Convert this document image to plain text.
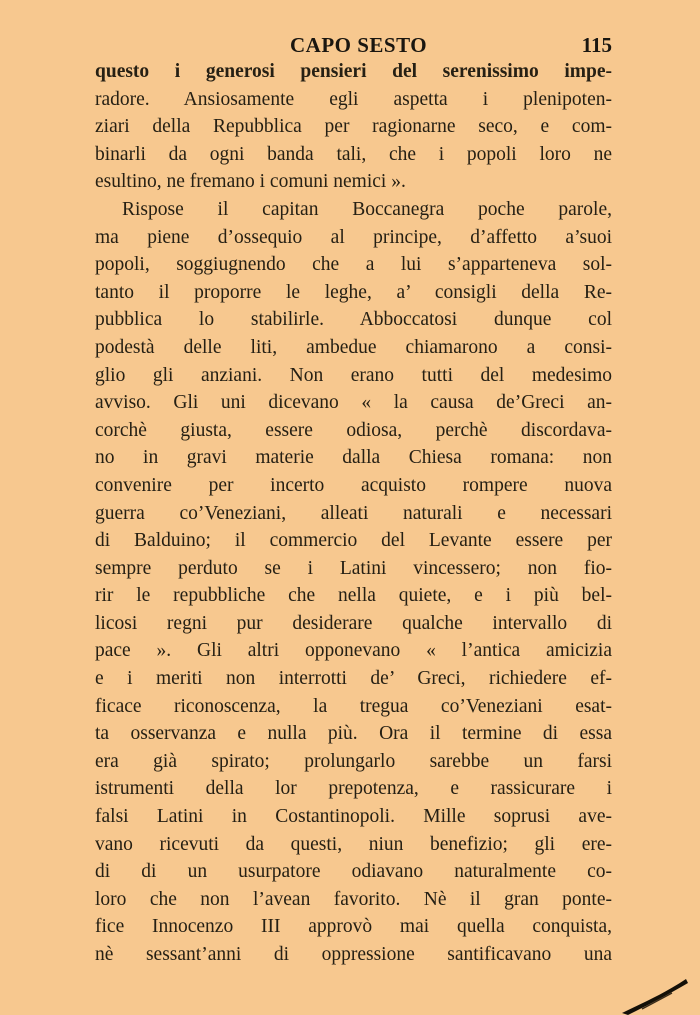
CAPO SESTO	115
questo i generosi pensieri del serenissimo impe-
radore. Ansiosamente egli aspetta i plenipoten-
ziari della Repubblica per ragionarne seco, e com-
binarli da ogni banda tali, che i popoli loro ne
esultino, ne fremano i comuni nemici ».
Rispose il capitan Boccanegra poche parole,
ma piene d’ossequio al principe, d’affetto a’suoi
popoli, soggiugnendo che a lui s’apparteneva sol-
tanto il proporre le leghe, a’ consigli della Re-
pubblica lo stabilirle. Abboccatosi dunque col
podestà delle liti, ambedue chiamarono a consi-
glio gli anziani. Non erano tutti del medesimo
avviso. Gli uni dicevano « la causa de’Greci an-
corchè giusta, essere odiosa, perchè discordava-
no in gravi materie dalla Chiesa romana: non
convenire per incerto acquisto rompere nuova
guerra co’Veneziani, alleati naturali e necessari
di Balduino; il commercio del Levante essere per
sempre perduto se i Latini vincessero; non fio-
rir le repubbliche che nella quiete, e i più bel-
licosi regni pur desiderare qualche intervallo di
pace ». Gli altri opponevano « l’antica amicizia
e i meriti non interrotti de’ Greci, richiedere ef-
ficace riconoscenza, la tregua co’Veneziani esat-
ta osservanza e nulla più. Ora il termine di essa
era già spirato; prolungarlo sarebbe un farsi
istrumenti della lor prepotenza, e rassicurare i
falsi Latini in Costantinopoli. Mille soprusi ave-
vano ricevuti da questi, niun benefizio; gli ere-
di di un usurpatore odiavano naturalmente co-
loro che non l’avean favorito. Nè il gran ponte-
fice Innocenzo III approvò mai quella conquista,
nè sessant’anni di oppressione santificavano una
